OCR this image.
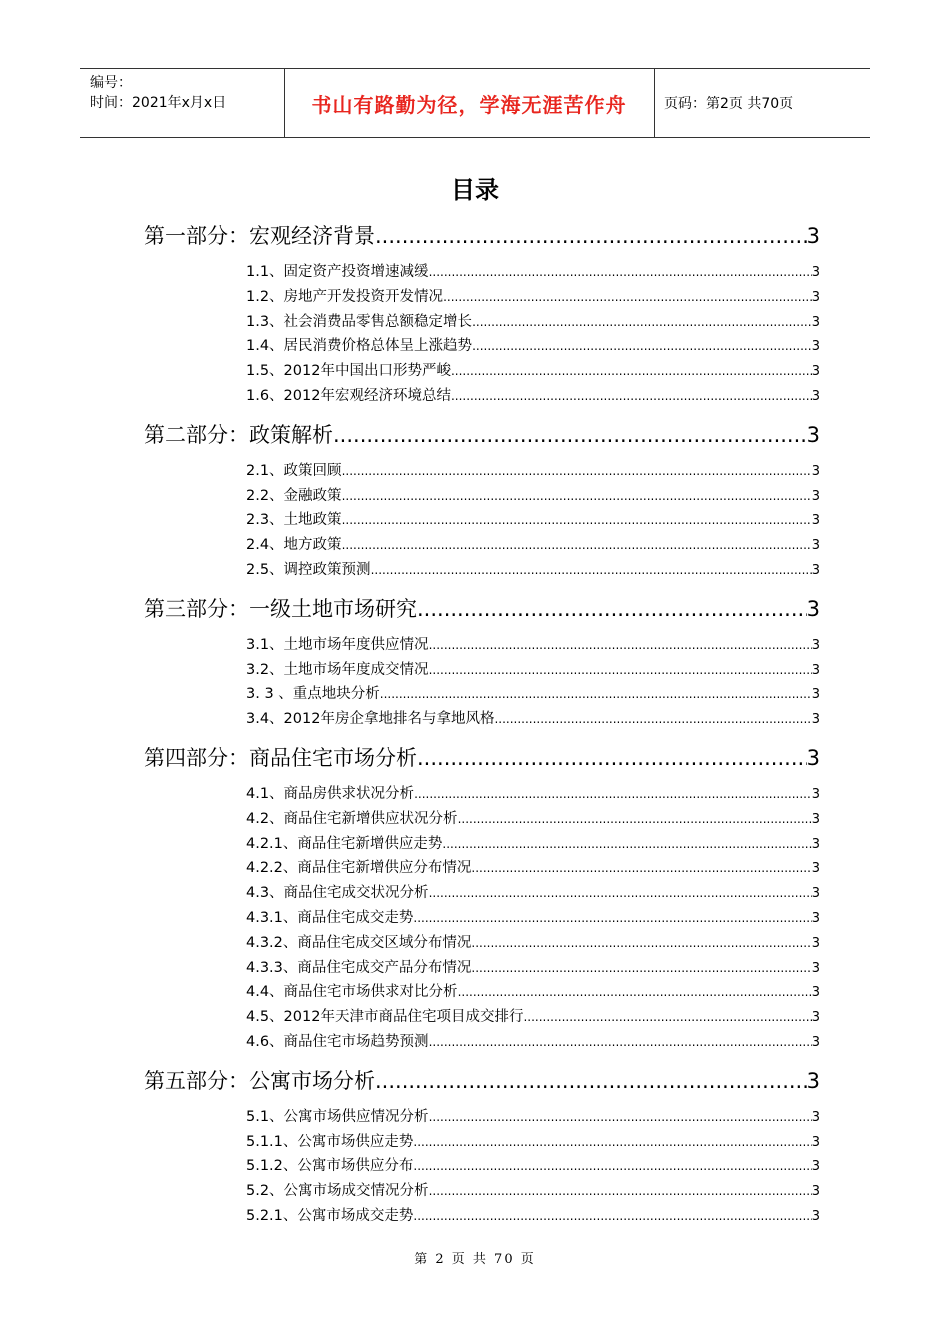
编号：
时间：2021年x月x日	书山有路勤为径，学海无涯苦作舟	页码：第2页 共70页
目录
第一部分：宏观经济背景 .....	3
1.1、固定资产投资增速减缓 .....	3
1.2、房地产开发投资开发情况 .....	3
1.3、社会消费品零售总额稳定增长 .....	3
1.4、居民消费价格总体呈上涨趋势 .....	3
1.5、2012年中国出口形势严峻 .....	3
1.6、2012年宏观经济环境总结 .....	3
第二部分：政策解析 .....	3
2.1、政策回顾 .....	3
2.2、金融政策 .....	3
2.3、土地政策 .....	3
2.4、地方政策 .....	3
2.5、调控政策预测 .....	3
第三部分：一级土地市场研究 .....	3
3.1、土地市场年度供应情况 .....	3
3.2、土地市场年度成交情况 .....	3
3. 3 、重点地块分析 .....	3
3.4、2012年房企拿地排名与拿地风格 .....	3
第四部分：商品住宅市场分析 .....	3
4.1、商品房供求状况分析 .....	3
4.2、商品住宅新增供应状况分析 .....	3
4.2.1、商品住宅新增供应走势 .....	3
4.2.2、商品住宅新增供应分布情况 .....	3
4.3、商品住宅成交状况分析 .....	3
4.3.1、商品住宅成交走势 .....	3
4.3.2、商品住宅成交区域分布情况 .....	3
4.3.3、商品住宅成交产品分布情况 .....	3
4.4、商品住宅市场供求对比分析 .....	3
4.5、2012年天津市商品住宅项目成交排行 .....	3
4.6、商品住宅市场趋势预测 .....	3
第五部分：公寓市场分析 .....	3
5.1、公寓市场供应情况分析 .....	3
5.1.1、公寓市场供应走势 .....	3
5.1.2、公寓市场供应分布 .....	3
5.2、公寓市场成交情况分析 .....	3
5.2.1、公寓市场成交走势 .....	3
第 2 页 共 70 页
